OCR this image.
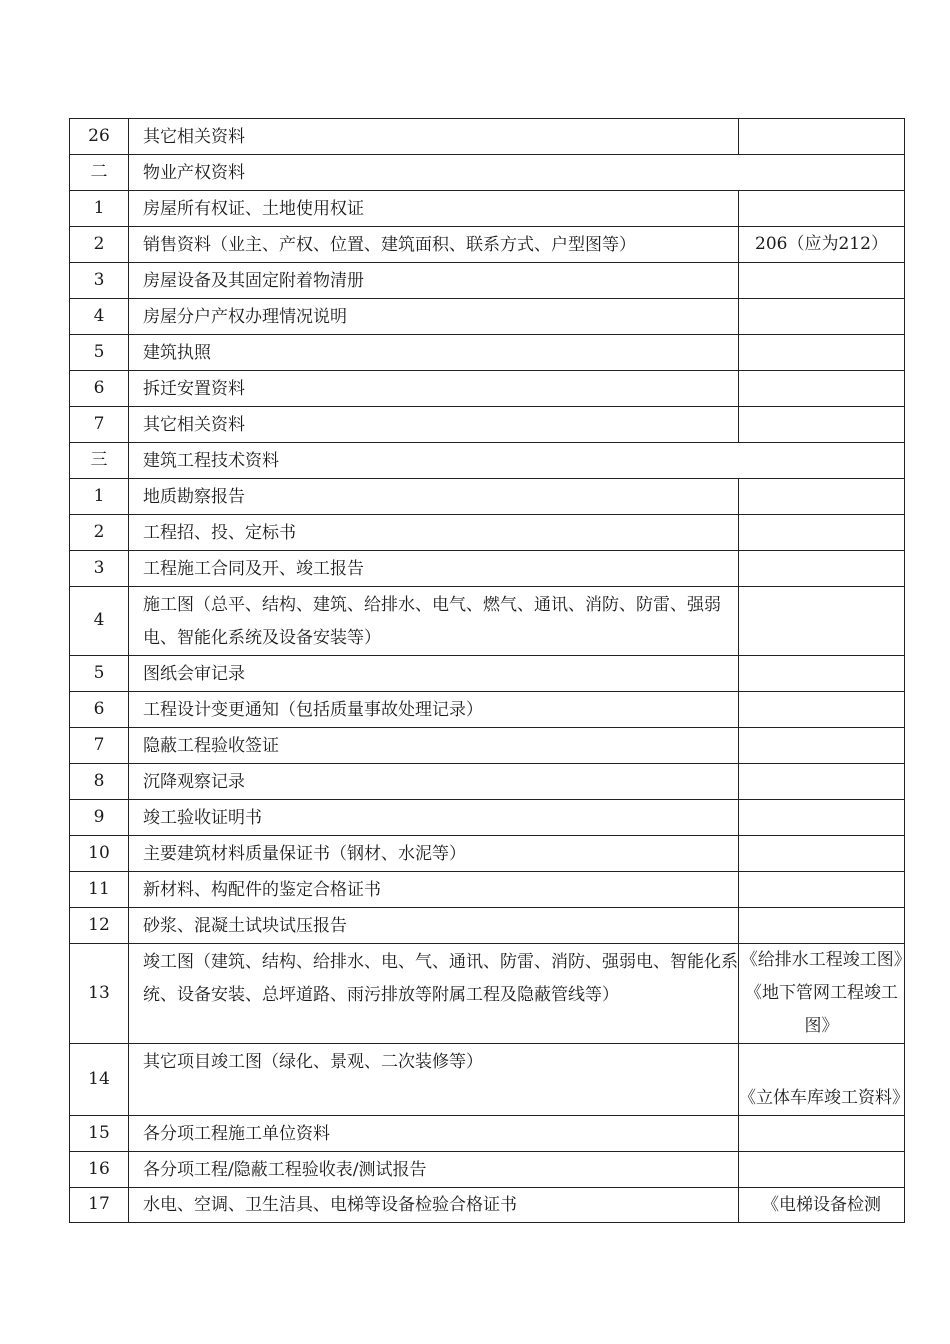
26	其它相关资料	
二	物业产权资料	
1	房屋所有权证、土地使用权证	
2	销售资料（业主、产权、位置、建筑面积、联系方式、户型图等）	206（应为212）
3	房屋设备及其固定附着物清册	
4	房屋分户产权办理情况说明	
5	建筑执照	
6	拆迁安置资料	
7	其它相关资料	
三	建筑工程技术资料	
1	地质勘察报告	
2	工程招、投、定标书	
3	工程施工合同及开、竣工报告	
4	施工图（总平、结构、建筑、给排水、电气、燃气、通讯、消防、防雷、强弱电、智能化系统及设备安装等）	
5	图纸会审记录	
6	工程设计变更通知（包括质量事故处理记录）	
7	隐蔽工程验收签证	
8	沉降观察记录	
9	竣工验收证明书	
10	主要建筑材料质量保证书（钢材、水泥等）	
11	新材料、构配件的鉴定合格证书	
12	砂浆、混凝土试块试压报告	
13	竣工图（建筑、结构、给排水、电、气、通讯、防雷、消防、强弱电、智能化系统、设备安装、总坪道路、雨污排放等附属工程及隐蔽管线等）	《给排水工程竣工图》《地下管网工程竣工图》
14	其它项目竣工图（绿化、景观、二次装修等）	《立体车库竣工资料》
15	各分项工程施工单位资料	
16	各分项工程/隐蔽工程验收表/测试报告	
17	水电、空调、卫生洁具、电梯等设备检验合格证书	《电梯设备检测
